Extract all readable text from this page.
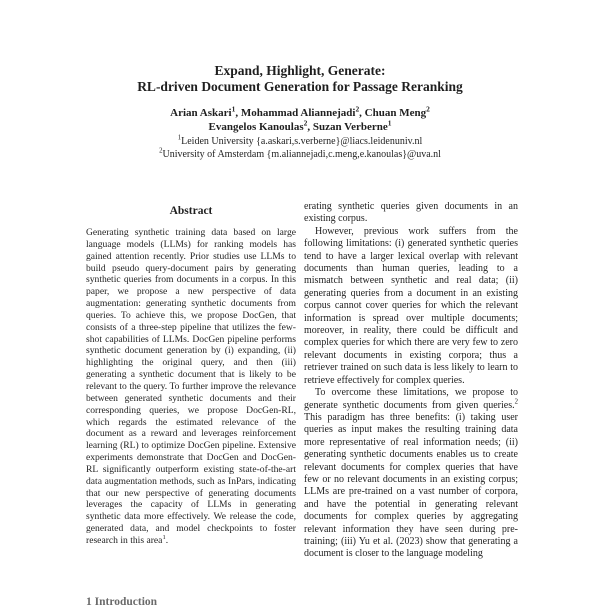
Expand, Highlight, Generate:
RL-driven Document Generation for Passage Reranking
Arian Askari$^1$, Mohammad Aliannejadi$^2$, Chuan Meng$^2$
Evangelos Kanoulas$^2$, Suzan Verberne$^1$
$^1$Leiden University {a.askari,s.verberne}@liacs.leidenuniv.nl
$^2$University of Amsterdam {m.aliannejadi,c.meng,e.kanoulas}@uva.nl
Abstract

Generating synthetic training data based on large language models (LLMs) for ranking models has gained attention recently. Prior studies use LLMs to build pseudo query-document pairs by generating synthetic queries from documents in a corpus. In this paper, we propose a new perspective of data augmentation: generating synthetic documents from queries. To achieve this, we propose DocGen, that consists of a three-step pipeline that utilizes the few-shot capabilities of LLMs. DocGen pipeline performs synthetic document generation by (i) expanding, (ii) highlighting the original query, and then (iii) generating a synthetic document that is likely to be relevant to the query. To further improve the relevance between generated synthetic documents and their corresponding queries, we propose DocGen-RL, which regards the estimated relevance of the document as a reward and leverages reinforcement learning (RL) to optimize DocGen pipeline. Extensive experiments demonstrate that DocGen and DocGen-RL significantly outperform existing state-of-the-art data augmentation methods, such as InPars, indicating that our new perspective of generating documents leverages the capacity of LLMs in generating synthetic data more effectively. We release the code, generated data, and model checkpoints to foster research in this area$^1$.

erating synthetic queries given documents in an existing corpus.

However, previous work suffers from the following limitations: (i) generated synthetic queries tend to have a larger lexical overlap with relevant documents than human queries, leading to a mismatch between synthetic and real data; (ii) generating queries from a document in an existing corpus cannot cover queries for which the relevant information is spread over multiple documents; moreover, in reality, there could be difficult and complex queries for which there are very few to zero relevant documents in existing corpora; thus a retriever trained on such data is less likely to learn to retrieve effectively for complex queries.

To overcome these limitations, we propose to generate synthetic documents from given queries.$^2$ This paradigm has three benefits: (i) taking user queries as input makes the resulting training data more representative of real information needs; (ii) generating synthetic documents enables us to create relevant documents for complex queries that have few or no relevant documents in an existing corpus; LLMs are pre-trained on a vast number of corpora, and have the potential in generating relevant documents for complex queries by aggregating relevant information they have seen during pre-training; (iii) Yu et al. (2023) show that generating a document is closer to the language modeling

1 Introduction
